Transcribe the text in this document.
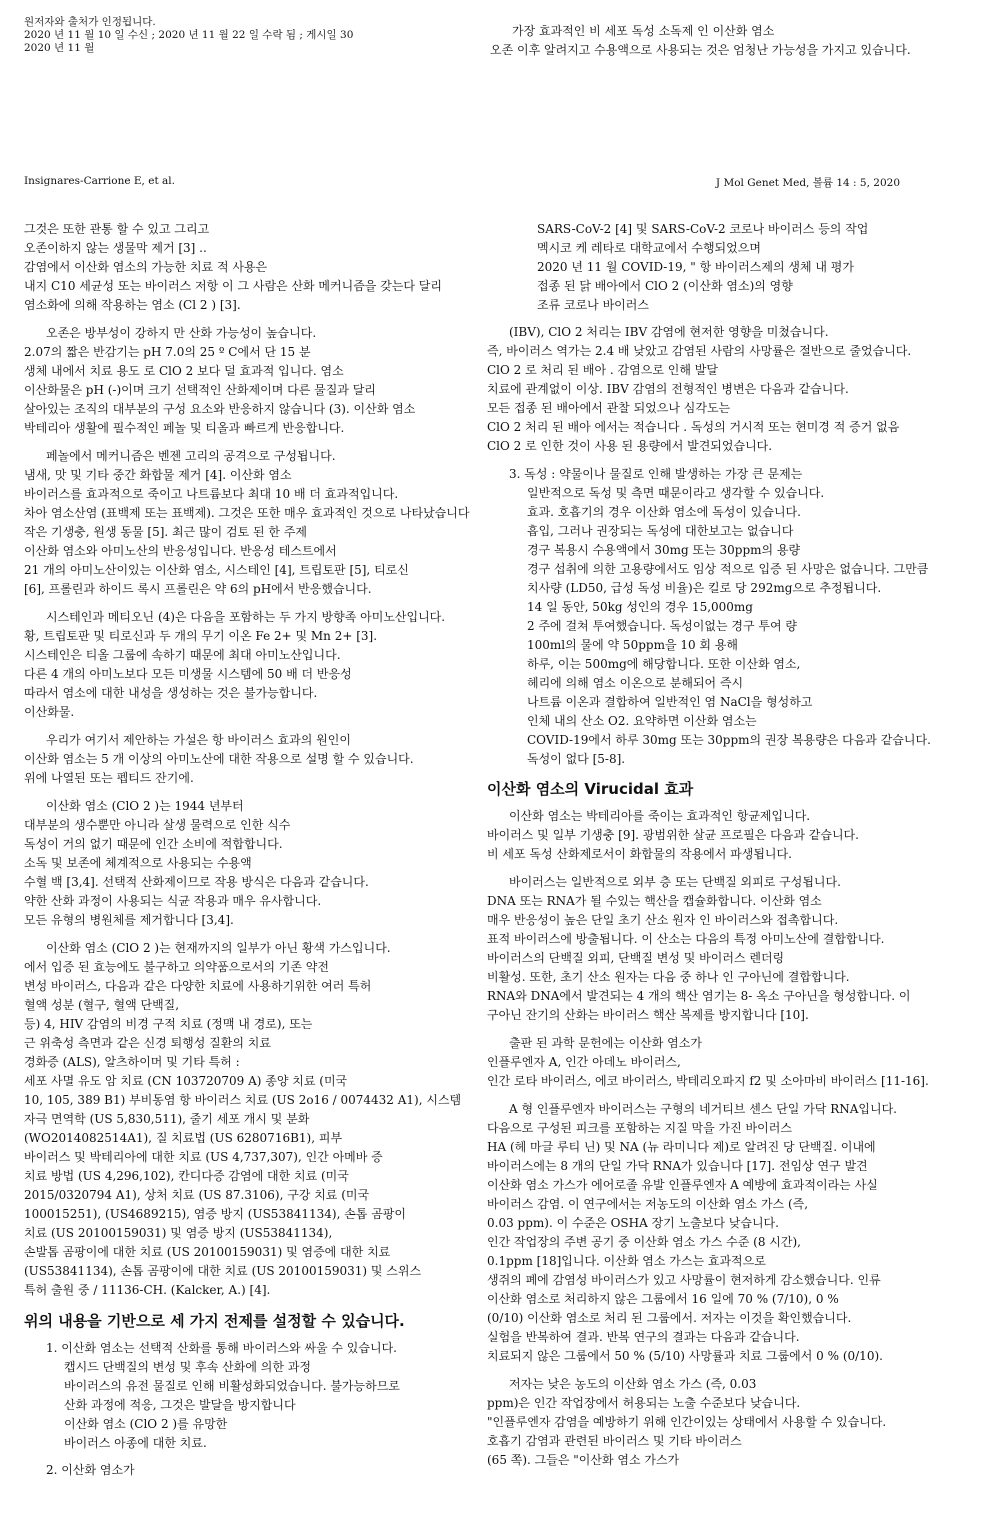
원저자와 출처가 인정됩니다.
2020 년 11 월 10 일 수신 ; 2020 년 11 월 22 일 수락 됨 ; 게시일 30
2020 년 11 월
가장 효과적인 비 세포 독성 소독제 인 이산화 염소
오존 이후 알려지고 수용액으로 사용되는 것은 엄청난 가능성을 가지고 있습니다.
Insignares-Carrione E, et al.	J Mol Genet Med, 볼륨 14 : 5, 2020
그것은 또한 관통 할 수 있고 그리고
오존이하지 않는 생물막 제거 [3] ..
감염에서 이산화 염소의 가능한 치료 적 사용은
내지 C10 세균성 또는 바이러스 저항 이 그 사람은 산화 메커니즘을 갖는다 달리
염소화에 의해 작용하는 염소 (Cl 2 ) [3].
오존은 방부성이 강하지 만 산화 가능성이 높습니다.
2.07의 짧은 반감기는 pH 7.0의 25 º C에서 단 15 분
생체 내에서 치료 용도 로 ClO 2 보다 덜 효과적 입니다. 염소
이산화물은 pH (-)이며 크기 선택적인 산화제이며 다른 물질과 달리
살아있는 조직의 대부분의 구성 요소와 반응하지 않습니다 (3). 이산화 염소
박테리아 생활에 필수적인 페놀 및 티올과 빠르게 반응합니다.
페놀에서 메커니즘은 벤젠 고리의 공격으로 구성됩니다.
냄새, 맛 및 기타 중간 화합물 제거 [4]. 이산화 염소
바이러스를 효과적으로 죽이고 나트륨보다 최대 10 배 더 효과적입니다.
차아 염소산염 (표백제 또는 표백제). 그것은 또한 매우 효과적인 것으로 나타났습니다
작은 기생충, 원생 동물 [5]. 최근 많이 검토 된 한 주제
이산화 염소와 아미노산의 반응성입니다. 반응성 테스트에서
21 개의 아미노산이있는 이산화 염소, 시스테인 [4], 트립토판 [5], 티로신
[6], 프롤린과 하이드 록시 프롤린은 약 6의 pH에서 반응했습니다.
시스테인과 메티오닌 (4)은 다음을 포함하는 두 가지 방향족 아미노산입니다.
황, 트립토판 및 티로신과 두 개의 무기 이온 Fe 2+ 및 Mn 2+ [3].
시스테인은 티올 그룹에 속하기 때문에 최대 아미노산입니다.
다른 4 개의 아미노보다 모든 미생물 시스템에 50 배 더 반응성
따라서 염소에 대한 내성을 생성하는 것은 불가능합니다.
이산화물.
우리가 여기서 제안하는 가설은 항 바이러스 효과의 원인이
이산화 염소는 5 개 이상의 아미노산에 대한 작용으로 설명 할 수 있습니다.
위에 나열된 또는 펩티드 잔기에.
이산화 염소 (ClO 2 )는 1944 년부터
대부분의 생수뿐만 아니라 살생 물력으로 인한 식수
독성이 거의 없기 때문에 인간 소비에 적합합니다.
소독 및 보존에 체계적으로 사용되는 수용액
수혈 백 [3,4]. 선택적 산화제이므로 작용 방식은 다음과 같습니다.
약한 산화 과정이 사용되는 식균 작용과 매우 유사합니다.
모든 유형의 병원체를 제거합니다 [3,4].
이산화 염소 (ClO 2 )는 현재까지의 일부가 아닌 황색 가스입니다.
에서 입증 된 효능에도 불구하고 의약품으로서의 기존 약전
변성 바이러스, 다음과 같은 다양한 치료에 사용하기위한 여러 특허
혈액 성분 (혈구, 혈액 단백질,
등) 4, HIV 감염의 비경 구적 치료 (정맥 내 경로), 또는
근 위축성 측면과 같은 신경 퇴행성 질환의 치료
경화증 (ALS), 알츠하이머 및 기타 특허 :
세포 사멸 유도 암 치료 (CN 103720709 A) 종양 치료 (미국
10, 105, 389 B1) 부비동염 항 바이러스 치료 (US 2o16 / 0074432 A1), 시스템
자극 면역학 (US 5,830,511), 줄기 세포 개시 및 분화
(WO2014082514A1), 질 치료법 (US 6280716B1), 피부
바이러스 및 박테리아에 대한 치료 (US 4,737,307), 인간 아메바 증
치료 방법 (US 4,296,102), 칸디다증 감염에 대한 치료 (미국
2015/0320794 A1), 상처 치료 (US 87.3106), 구강 치료 (미국
100015251), (US4689215), 염증 방지 (US53841134), 손톱 곰팡이
치료 (US 20100159031) 및 염증 방지 (US53841134),
손발톱 곰팡이에 대한 치료 (US 20100159031) 및 염증에 대한 치료
(US53841134), 손톱 곰팡이에 대한 치료 (US 20100159031) 및 스위스
특허 출원 중 / 11136-CH. (Kalcker, A.) [4].
위의 내용을 기반으로 세 가지 전제를 설정할 수 있습니다.
1. 이산화 염소는 선택적 산화를 통해 바이러스와 싸울 수 있습니다.
캡시드 단백질의 변성 및 후속 산화에 의한 과정
바이러스의 유전 물질로 인해 비활성화되었습니다. 불가능하므로
산화 과정에 적응, 그것은 발달을 방지합니다
이산화 염소 (ClO 2 )를 유망한
바이러스 아종에 대한 치료.
2. 이산화 염소가
SARS-CoV-2 [4] 및 SARS-CoV-2 코로나 바이러스 등의 작업
멕시코 케 레타로 대학교에서 수행되었으며
2020 년 11 월 COVID-19, " 항 바이러스제의 생체 내 평가
접종 된 닭 배아에서 ClO 2 (이산화 염소)의 영향
조류 코로나 바이러스
(IBV), ClO 2 처리는 IBV 감염에 현저한 영향을 미쳤습니다.
즉, 바이러스 역가는 2.4 배 낮았고 감염된 사람의 사망률은 절반으로 줄었습니다.
ClO 2 로 처리 된 배아 . 감염으로 인해 발달
치료에 관계없이 이상. IBV 감염의 전형적인 병변은 다음과 같습니다.
모든 접종 된 배아에서 관찰 되었으나 심각도는
ClO 2 처리 된 배아 에서는 적습니다 . 독성의 거시적 또는 현미경 적 증거 없음
ClO 2 로 인한 것이 사용 된 용량에서 발견되었습니다.
3. 독성 : 약물이나 물질로 인해 발생하는 가장 큰 문제는
일반적으로 독성 및 측면 때문이라고 생각할 수 있습니다.
효과. 호흡기의 경우 이산화 염소에 독성이 있습니다.
흡입, 그러나 권장되는 독성에 대한보고는 없습니다
경구 복용시 수용액에서 30mg 또는 30ppm의 용량
경구 섭취에 의한 고용량에서도 임상 적으로 입증 된 사망은 없습니다. 그만큼
치사량 (LD50, 급성 독성 비율)은 킬로 당 292mg으로 추정됩니다.
14 일 동안, 50kg 성인의 경우 15,000mg
2 주에 걸쳐 투여했습니다. 독성이없는 경구 투여 량
100ml의 물에 약 50ppm을 10 회 용해
하루, 이는 500mg에 해당합니다. 또한 이산화 염소,
헤리에 의해 염소 이온으로 분해되어 즉시
나트륨 이온과 결합하여 일반적인 염 NaCl을 형성하고
인체 내의 산소 O2. 요약하면 이산화 염소는
COVID-19에서 하루 30mg 또는 30ppm의 권장 복용량은 다음과 같습니다.
독성이 없다 [5-8].
이산화 염소의 Virucidal 효과
이산화 염소는 박테리아를 죽이는 효과적인 항균제입니다.
바이러스 및 일부 기생충 [9]. 광범위한 살균 프로필은 다음과 같습니다.
비 세포 독성 산화제로서이 화합물의 작용에서 파생됩니다.
바이러스는 일반적으로 외부 층 또는 단백질 외피로 구성됩니다.
DNA 또는 RNA가 될 수있는 핵산을 캡슐화합니다. 이산화 염소
매우 반응성이 높은 단일 초기 산소 원자 인 바이러스와 접촉합니다.
표적 바이러스에 방출됩니다. 이 산소는 다음의 특정 아미노산에 결합합니다.
바이러스의 단백질 외피, 단백질 변성 및 바이러스 렌더링
비활성. 또한, 초기 산소 원자는 다음 중 하나 인 구아닌에 결합합니다.
RNA와 DNA에서 발견되는 4 개의 핵산 염기는 8- 옥소 구아닌을 형성합니다. 이
구아닌 잔기의 산화는 바이러스 핵산 복제를 방지합니다 [10].
출판 된 과학 문헌에는 이산화 염소가
인플루엔자 A, 인간 아데노 바이러스,
인간 로타 바이러스, 에코 바이러스, 박테리오파지 f2 및 소아마비 바이러스 [11-16].
A 형 인플루엔자 바이러스는 구형의 네거티브 센스 단일 가닥 RNA입니다.
다음으로 구성된 피크를 포함하는 지질 막을 가진 바이러스
HA (헤 마글 루티 닌) 및 NA (뉴 라미니다 제)로 알려진 당 단백질. 이내에
바이러스에는 8 개의 단일 가닥 RNA가 있습니다 [17]. 전임상 연구 발견
이산화 염소 가스가 에어로졸 유발 인플루엔자 A 예방에 효과적이라는 사실
바이러스 감염. 이 연구에서는 저농도의 이산화 염소 가스 (즉,
0.03 ppm). 이 수준은 OSHA 장기 노출보다 낮습니다.
인간 작업장의 주변 공기 중 이산화 염소 가스 수준 (8 시간),
0.1ppm [18]입니다. 이산화 염소 가스는 효과적으로
생쥐의 폐에 감염성 바이러스가 있고 사망률이 현저하게 감소했습니다. 인류
이산화 염소로 처리하지 않은 그룹에서 16 일에 70 % (7/10), 0 %
(0/10) 이산화 염소로 처리 된 그룹에서. 저자는 이것을 확인했습니다.
실험을 반복하여 결과. 반복 연구의 결과는 다음과 같습니다.
치료되지 않은 그룹에서 50 % (5/10) 사망률과 치료 그룹에서 0 % (0/10).
저자는 낮은 농도의 이산화 염소 가스 (즉, 0.03
ppm)은 인간 작업장에서 허용되는 노출 수준보다 낮습니다.
"인플루엔자 감염을 예방하기 위해 인간이있는 상태에서 사용할 수 있습니다.
호흡기 감염과 관련된 바이러스 및 기타 바이러스
(65 쪽). 그들은 "이산화 염소 가스가
